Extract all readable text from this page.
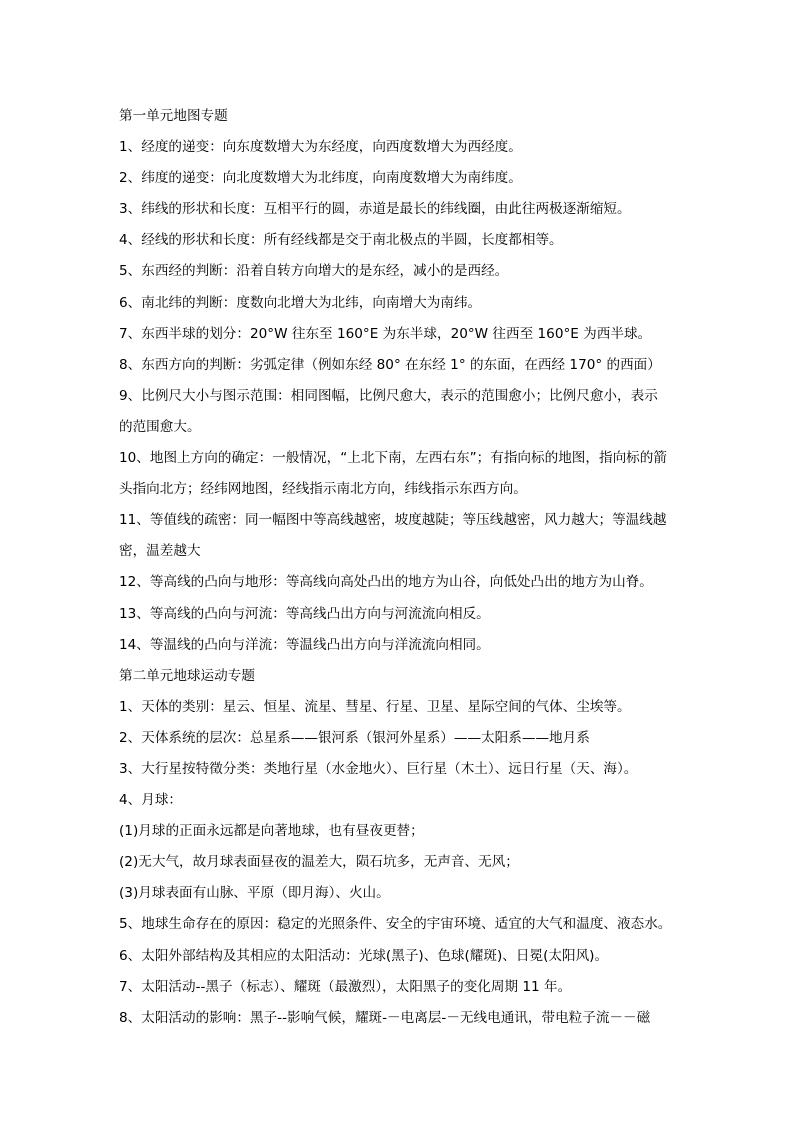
第一单元地图专题
1、经度的递变：向东度数增大为东经度，向西度数增大为西经度。
2、纬度的递变：向北度数增大为北纬度，向南度数增大为南纬度。
3、纬线的形状和长度：互相平行的圆，赤道是最长的纬线圈，由此往两极逐渐缩短。
4、经线的形状和长度：所有经线都是交于南北极点的半圆，长度都相等。
5、东西经的判断：沿着自转方向增大的是东经，减小的是西经。
6、南北纬的判断：度数向北增大为北纬，向南增大为南纬。
7、东西半球的划分：20°W 往东至 160°E 为东半球，20°W 往西至 160°E 为西半球。
8、东西方向的判断：劣弧定律（例如东经 80° 在东经 1° 的东面，在西经 170° 的西面）
9、比例尺大小与图示范围：相同图幅，比例尺愈大，表示的范围愈小；比例尺愈小，表示
的范围愈大。
10、地图上方向的确定：一般情况，“上北下南，左西右东”；有指向标的地图，指向标的箭
头指向北方；经纬网地图，经线指示南北方向，纬线指示东西方向。
11、等值线的疏密：同一幅图中等高线越密，坡度越陡；等压线越密，风力越大；等温线越
密，温差越大
12、等高线的凸向与地形：等高线向高处凸出的地方为山谷，向低处凸出的地方为山脊。
13、等高线的凸向与河流：等高线凸出方向与河流流向相反。
14、等温线的凸向与洋流：等温线凸出方向与洋流流向相同。
第二单元地球运动专题
1、天体的类别：星云、恒星、流星、彗星、行星、卫星、星际空间的气体、尘埃等。
2、天体系统的层次：总星系——银河系（银河外星系）——太阳系——地月系
3、大行星按特徵分类：类地行星（水金地火）、巨行星（木土）、远日行星（天、海）。
4、月球：
(1)月球的正面永远都是向著地球，也有昼夜更替；
(2)无大气，故月球表面昼夜的温差大，陨石坑多，无声音、无风；
(3)月球表面有山脉、平原（即月海）、火山。
5、地球生命存在的原因：稳定的光照条件、安全的宇宙环境、适宜的大气和温度、液态水。
6、太阳外部结构及其相应的太阳活动：光球(黑子)、色球(耀斑)、日冕(太阳风)。
7、太阳活动--黑子（标志）、耀斑（最激烈），太阳黑子的变化周期 11 年。
8、太阳活动的影响：黑子--影响气候，耀斑-－电离层-－无线电通讯，带电粒子流－－磁
